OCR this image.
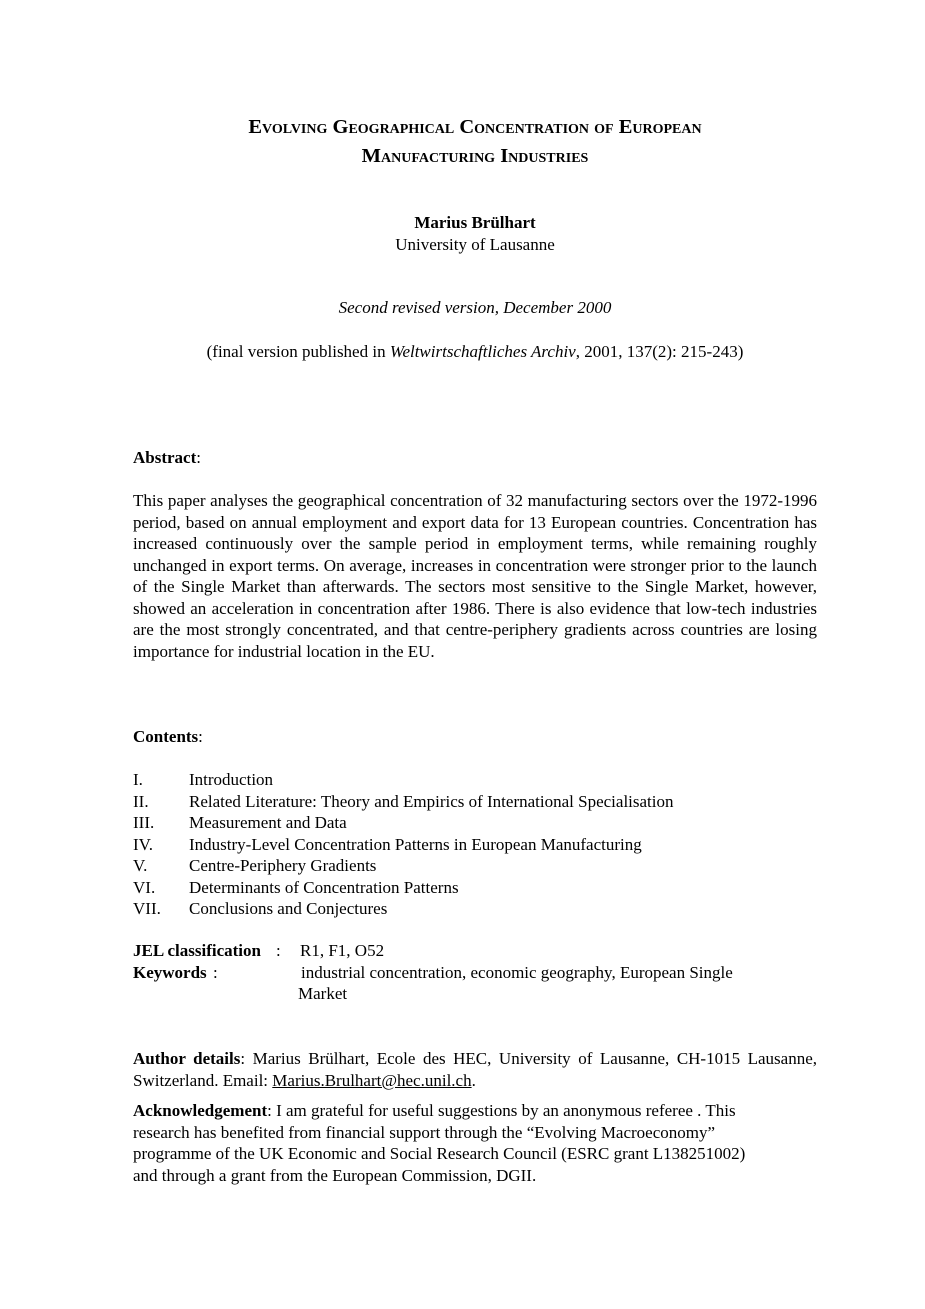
Evolving Geographical Concentration of European
Manufacturing Industries
Marius Brülhart
University of Lausanne
Second revised version, December 2000
(final version published in Weltwirtschaftliches Archiv, 2001, 137(2): 215-243)
Abstract:
This paper analyses the geographical concentration of 32 manufacturing sectors over the 1972-1996 period, based on annual employment and export data for 13 European countries. Concentration has increased continuously over the sample period in employment terms, while remaining roughly unchanged in export terms. On average, increases in concentration were stronger prior to the launch of the Single Market than afterwards. The sectors most sensitive to the Single Market, however, showed an acceleration in concentration after 1986. There is also evidence that low-tech industries are the most strongly concentrated, and that centre-periphery gradients across countries are losing importance for industrial location in the EU.
Contents:
I.	Introduction
II. Related Literature: Theory and Empirics of International Specialisation
III. Measurement and Data
IV. Industry-Level Concentration Patterns in European Manufacturing
V. Centre-Periphery Gradients
VI. Determinants of Concentration Patterns
VII. Conclusions and Conjectures
JEL classification : R1, F1, O52
Keywords :	industrial concentration, economic geography, European Single
Market
Author details: Marius Brülhart, Ecole des HEC, University of Lausanne, CH-1015 Lausanne, Switzerland. Email: Marius.Brulhart@hec.unil.ch.
Acknowledgement: I am grateful for useful suggestions by an anonymous referee . This
research has benefited from financial support through the “Evolving Macroeconomy”
programme of the UK Economic and Social Research Council (ESRC grant L138251002)
and through a grant from the European Commission, DGII.
